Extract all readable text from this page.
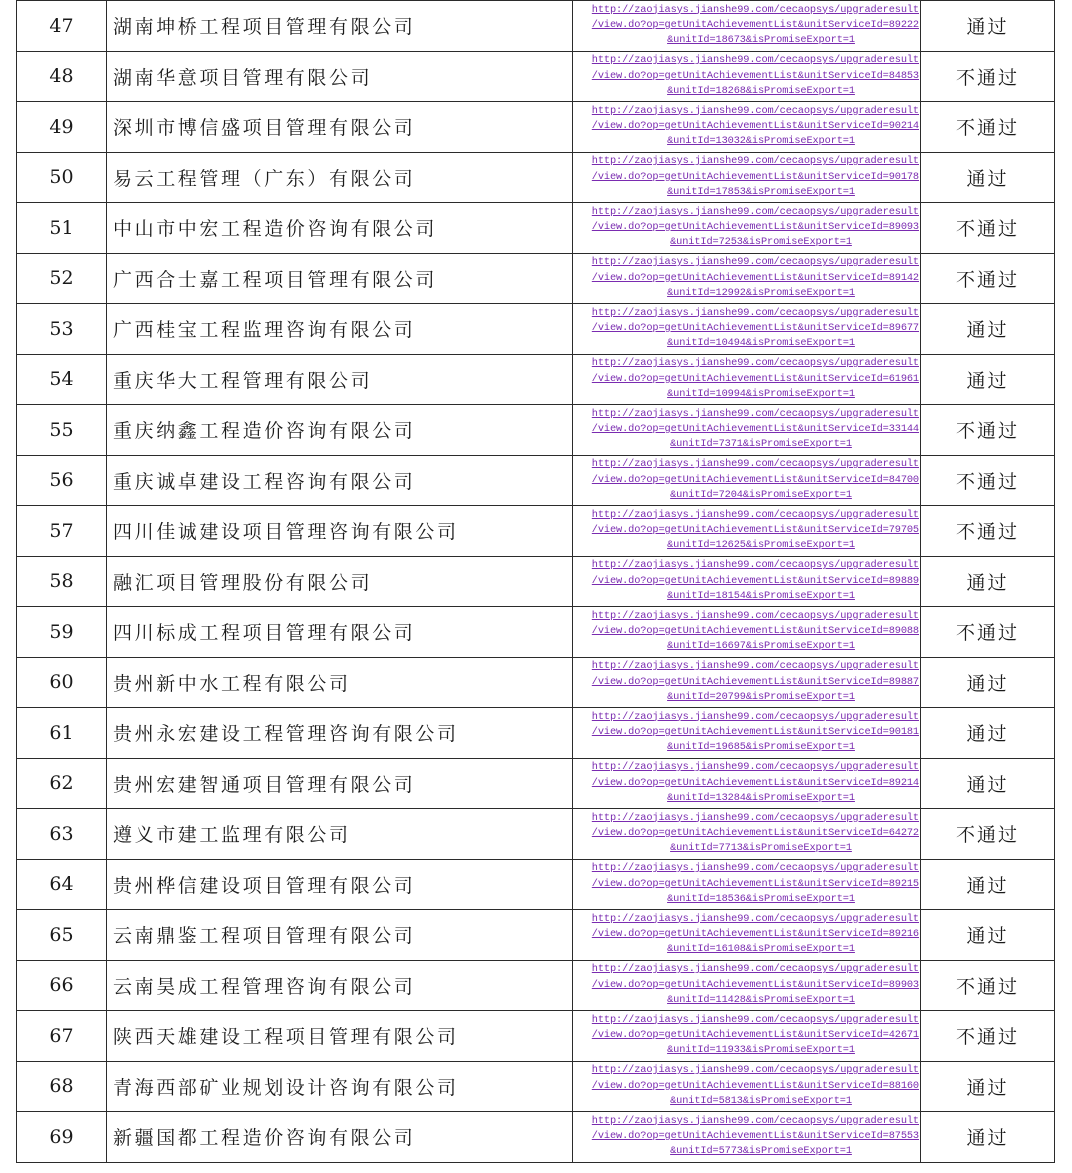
47	湖南坤桥工程项目管理有限公司	http://zaojiasys.jianshe99.com/cecaopsys/upgraderesult
/view.do?op=getUnitAchievementList&unitServiceId=89222
&unitId=18673&isPromiseExport=1	通过
48	湖南华意项目管理有限公司	http://zaojiasys.jianshe99.com/cecaopsys/upgraderesult
/view.do?op=getUnitAchievementList&unitServiceId=84853
&unitId=18268&isPromiseExport=1	不通过
49	深圳市博信盛项目管理有限公司	http://zaojiasys.jianshe99.com/cecaopsys/upgraderesult
/view.do?op=getUnitAchievementList&unitServiceId=90214
&unitId=13032&isPromiseExport=1	不通过
50	易云工程管理（广东）有限公司	http://zaojiasys.jianshe99.com/cecaopsys/upgraderesult
/view.do?op=getUnitAchievementList&unitServiceId=90178
&unitId=17853&isPromiseExport=1	通过
51	中山市中宏工程造价咨询有限公司	http://zaojiasys.jianshe99.com/cecaopsys/upgraderesult
/view.do?op=getUnitAchievementList&unitServiceId=89093
&unitId=7253&isPromiseExport=1	不通过
52	广西合士嘉工程项目管理有限公司	http://zaojiasys.jianshe99.com/cecaopsys/upgraderesult
/view.do?op=getUnitAchievementList&unitServiceId=89142
&unitId=12992&isPromiseExport=1	不通过
53	广西桂宝工程监理咨询有限公司	http://zaojiasys.jianshe99.com/cecaopsys/upgraderesult
/view.do?op=getUnitAchievementList&unitServiceId=89677
&unitId=10494&isPromiseExport=1	通过
54	重庆华大工程管理有限公司	http://zaojiasys.jianshe99.com/cecaopsys/upgraderesult
/view.do?op=getUnitAchievementList&unitServiceId=61961
&unitId=10994&isPromiseExport=1	通过
55	重庆纳鑫工程造价咨询有限公司	http://zaojiasys.jianshe99.com/cecaopsys/upgraderesult
/view.do?op=getUnitAchievementList&unitServiceId=33144
&unitId=7371&isPromiseExport=1	不通过
56	重庆诚卓建设工程咨询有限公司	http://zaojiasys.jianshe99.com/cecaopsys/upgraderesult
/view.do?op=getUnitAchievementList&unitServiceId=84700
&unitId=7204&isPromiseExport=1	不通过
57	四川佳诚建设项目管理咨询有限公司	http://zaojiasys.jianshe99.com/cecaopsys/upgraderesult
/view.do?op=getUnitAchievementList&unitServiceId=79705
&unitId=12625&isPromiseExport=1	不通过
58	融汇项目管理股份有限公司	http://zaojiasys.jianshe99.com/cecaopsys/upgraderesult
/view.do?op=getUnitAchievementList&unitServiceId=89889
&unitId=18154&isPromiseExport=1	通过
59	四川标成工程项目管理有限公司	http://zaojiasys.jianshe99.com/cecaopsys/upgraderesult
/view.do?op=getUnitAchievementList&unitServiceId=89088
&unitId=16697&isPromiseExport=1	不通过
60	贵州新中水工程有限公司	http://zaojiasys.jianshe99.com/cecaopsys/upgraderesult
/view.do?op=getUnitAchievementList&unitServiceId=89887
&unitId=20799&isPromiseExport=1	通过
61	贵州永宏建设工程管理咨询有限公司	http://zaojiasys.jianshe99.com/cecaopsys/upgraderesult
/view.do?op=getUnitAchievementList&unitServiceId=90181
&unitId=19685&isPromiseExport=1	通过
62	贵州宏建智通项目管理有限公司	http://zaojiasys.jianshe99.com/cecaopsys/upgraderesult
/view.do?op=getUnitAchievementList&unitServiceId=89214
&unitId=13284&isPromiseExport=1	通过
63	遵义市建工监理有限公司	http://zaojiasys.jianshe99.com/cecaopsys/upgraderesult
/view.do?op=getUnitAchievementList&unitServiceId=64272
&unitId=7713&isPromiseExport=1	不通过
64	贵州桦信建设项目管理有限公司	http://zaojiasys.jianshe99.com/cecaopsys/upgraderesult
/view.do?op=getUnitAchievementList&unitServiceId=89215
&unitId=18536&isPromiseExport=1	通过
65	云南鼎鉴工程项目管理有限公司	http://zaojiasys.jianshe99.com/cecaopsys/upgraderesult
/view.do?op=getUnitAchievementList&unitServiceId=89216
&unitId=16108&isPromiseExport=1	通过
66	云南昊成工程管理咨询有限公司	http://zaojiasys.jianshe99.com/cecaopsys/upgraderesult
/view.do?op=getUnitAchievementList&unitServiceId=89903
&unitId=11428&isPromiseExport=1	不通过
67	陕西天雄建设工程项目管理有限公司	http://zaojiasys.jianshe99.com/cecaopsys/upgraderesult
/view.do?op=getUnitAchievementList&unitServiceId=42671
&unitId=11933&isPromiseExport=1	不通过
68	青海西部矿业规划设计咨询有限公司	http://zaojiasys.jianshe99.com/cecaopsys/upgraderesult
/view.do?op=getUnitAchievementList&unitServiceId=88160
&unitId=5813&isPromiseExport=1	通过
69	新疆国都工程造价咨询有限公司	http://zaojiasys.jianshe99.com/cecaopsys/upgraderesult
/view.do?op=getUnitAchievementList&unitServiceId=87553
&unitId=5773&isPromiseExport=1	通过
